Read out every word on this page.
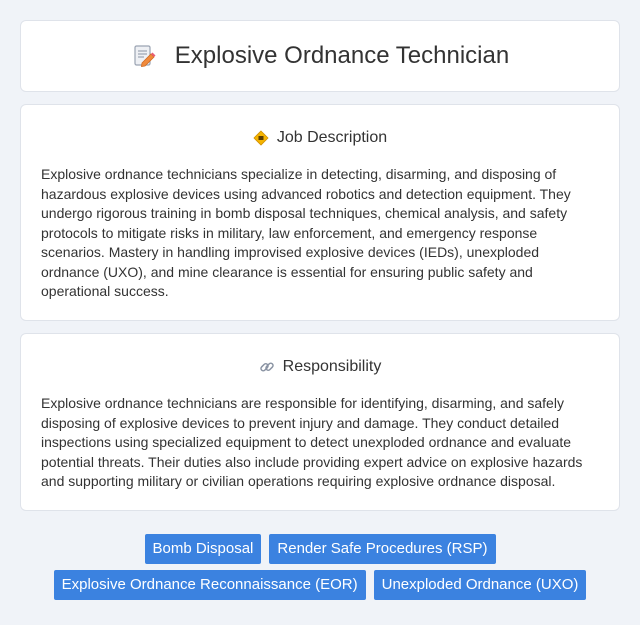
Explosive Ordnance Technician
Job Description

Explosive ordnance technicians specialize in detecting, disarming, and disposing of hazardous explosive devices using advanced robotics and detection equipment. They undergo rigorous training in bomb disposal techniques, chemical analysis, and safety protocols to mitigate risks in military, law enforcement, and emergency response scenarios. Mastery in handling improvised explosive devices (IEDs), unexploded ordnance (UXO), and mine clearance is essential for ensuring public safety and operational success.

Responsibility

Explosive ordnance technicians are responsible for identifying, disarming, and safely disposing of explosive devices to prevent injury and damage. They conduct detailed inspections using specialized equipment to detect unexploded ordnance and evaluate potential threats. Their duties also include providing expert advice on explosive hazards and supporting military or civilian operations requiring explosive ordnance disposal.

Bomb Disposal	Render Safe Procedures (RSP)
Explosive Ordnance Reconnaissance (EOR)	Unexploded Ordnance (UXO)
